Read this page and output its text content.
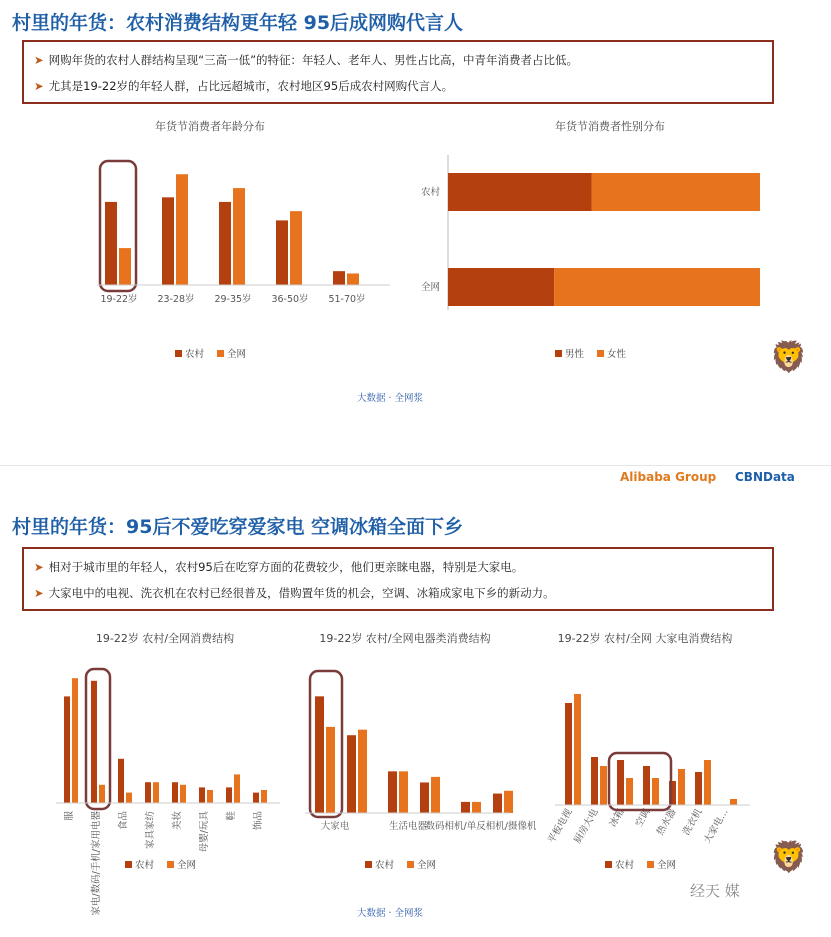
村里的年货：农村消费结构更年轻 95后成网购代言人
➤ 网购年货的农村人群结构呈现“三高一低”的特征：年轻人、老年人、男性占比高，中青年消费者占比低。
➤ 尤其是19-22岁的年轻人群，占比远超城市，农村地区95后成农村网购代言人。
年货节消费者年龄分布	年货节消费者性别分布
19-22岁 23-28岁 29-35岁 36-50岁 51-70岁
农村 全网
农村
全网
男性 女性
大数据 · 全网浆
🦁
Alibaba Group CBNData
村里的年货：95后不爱吃穿爱家电 空调冰箱全面下乡
➤ 相对于城市里的年轻人，农村95后在吃穿方面的花费较少，他们更亲睐电器，特别是大家电。
➤ 大家电中的电视、洗衣机在农村已经很普及，借购置年货的机会，空调、冰箱成家电下乡的新动力。
19-22岁 农村/全网消费结构	19-22岁 农村/全网电器类消费结构	19-22岁 农村/全网 大家电消费结构
服 家电/数码/手机/家用电器 食品 家具家纺 美妆 母婴/玩具 鞋 饰品
农村 全网
大家电	生活电器
数码相机/单反相机/摄像机
农村 全网
平板电视
厨房大电 冰箱 空调 热水器 洗衣机
大家电…
农村 全网
大数据 · 全网浆
🦁
经天 媒
